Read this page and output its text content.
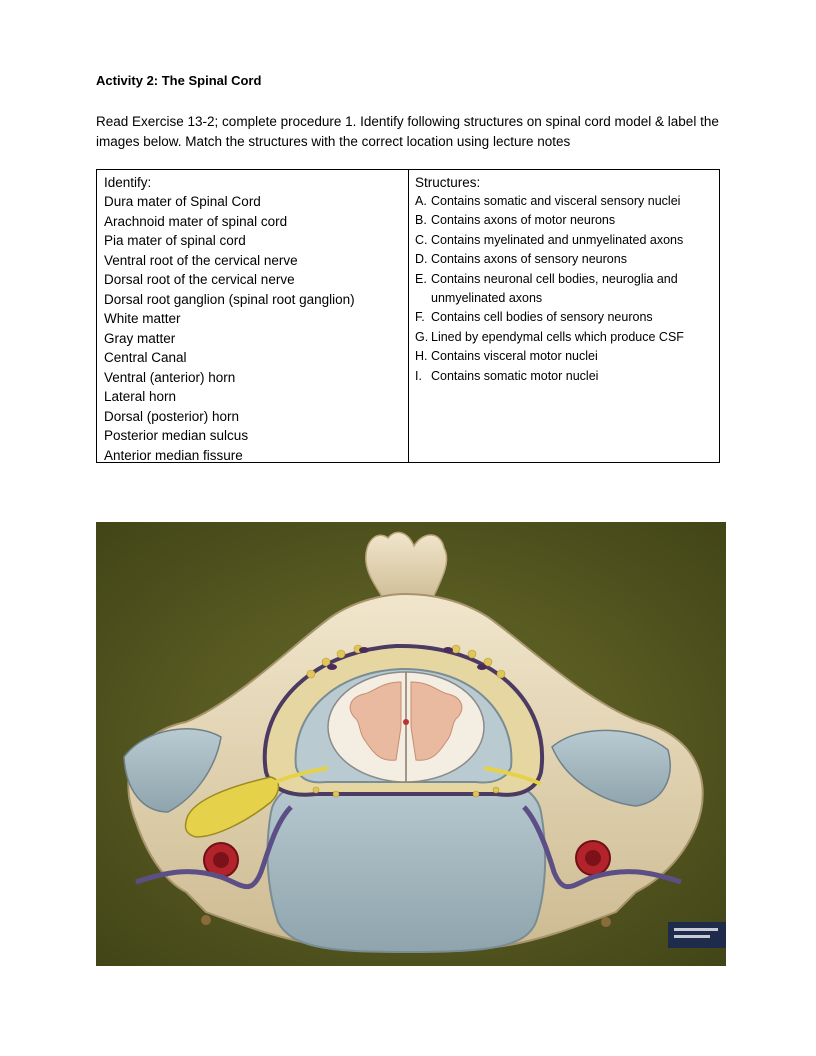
Activity 2: The Spinal Cord
Read Exercise 13-2; complete procedure 1. Identify following structures on spinal cord model & label the images below. Match the structures with the correct location using lecture notes
Identify:
Dura mater of Spinal Cord
Arachnoid mater of spinal cord
Pia mater of spinal cord
Ventral root of the cervical nerve
Dorsal root of the cervical nerve
Dorsal root ganglion (spinal root ganglion)
White matter
Gray matter
Central Canal
Ventral (anterior) horn
Lateral horn
Dorsal (posterior) horn
Posterior median sulcus
Anterior median fissure
Structures:
A. Contains somatic and visceral sensory nuclei
B. Contains axons of motor neurons
C. Contains myelinated and unmyelinated axons
D. Contains axons of sensory neurons
E. Contains neuronal cell bodies, neuroglia and unmyelinated axons
F. Contains cell bodies of sensory neurons
G. Lined by ependymal cells which produce CSF
H. Contains visceral motor nuclei
I. Contains somatic motor nuclei
